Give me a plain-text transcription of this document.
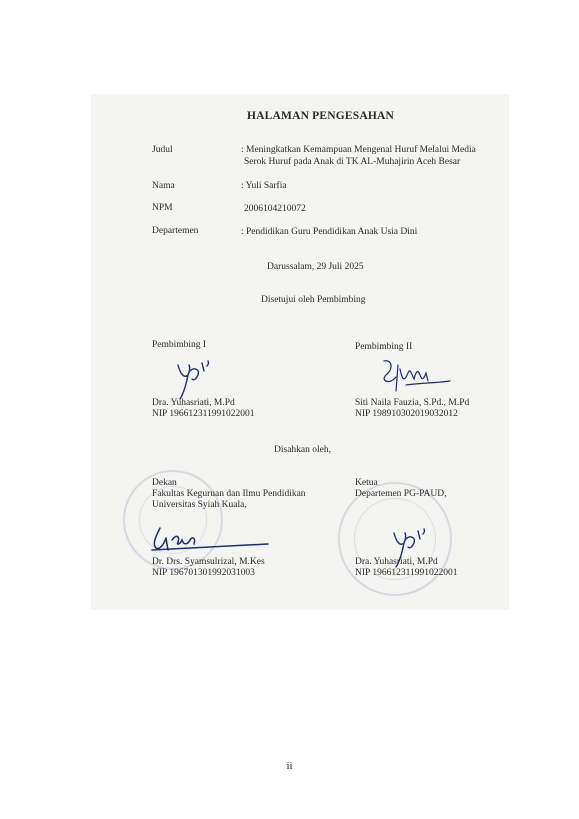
HALAMAN PENGESAHAN
Judul	: Meningkatkan Kemampuan Mengenal Huruf Melalui Media
Serok Huruf pada Anak di TK AL-Muhajirin Aceh Besar
Nama	: Yuli Sarfia
NPM	2006104210072
Departemen	: Pendidikan Guru Pendidikan Anak Usia Dini
Darussalam, 29 Juli 2025
Disetujui oleh Pembimbing
Pembimbing I	Pembimbing II
Dra. Yuhasriati, M.Pd
NIP 196612311991022001
Siti Naila Fauzia, S.Pd., M.Pd
NIP 198910302019032012
Disahkan oleh,
Dekan
Fakultas Keguruan dan Ilmu Pendidikan
Universitas Syiah Kuala,
Ketua
Departemen PG-PAUD,
Dr. Drs. Syamsulrizal, M.Kes
NIP 196701301992031003
Dra. Yuhasriati, M.Pd
NIP 196612311991022001
ii
